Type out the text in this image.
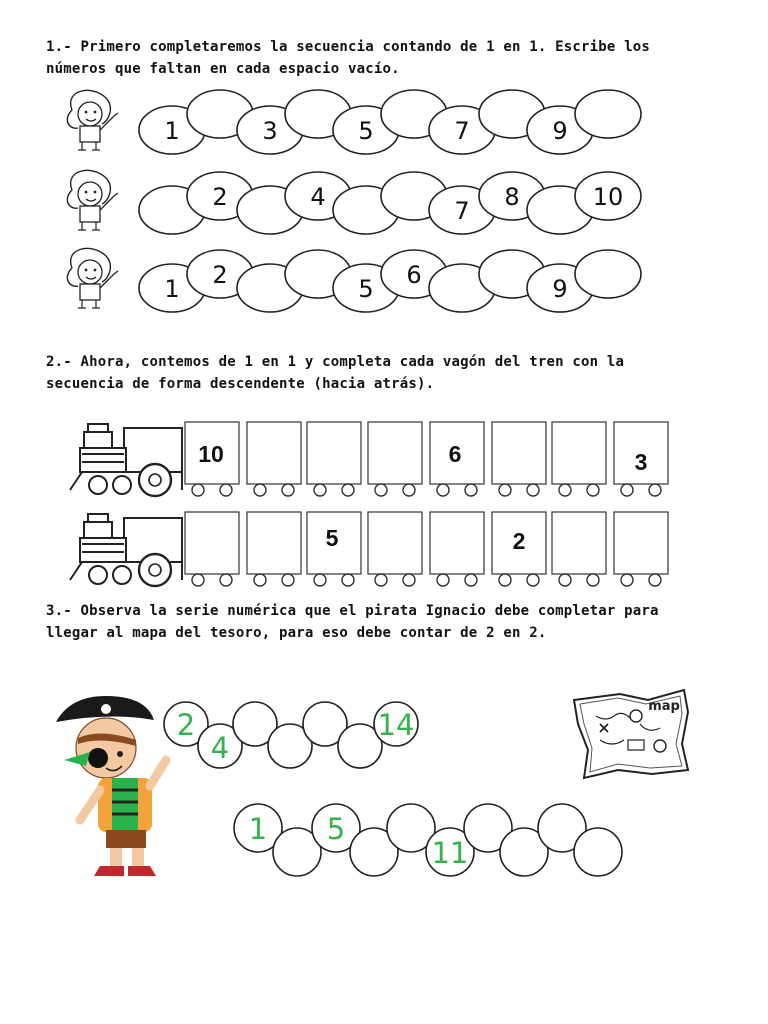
1.- Primero completaremos la secuencia contando de 1 en 1. Escribe los números que faltan en cada espacio vacío.
1	3	5	7	9
2	4	7 8	10
1 2	5 6	9
10	6	3
5	2
2
4
14
1 5
11
map
2.- Ahora, contemos de 1 en 1 y completa cada vagón del tren con la secuencia de forma descendente (hacia atrás).
3.- Observa la serie numérica que el pirata Ignacio debe completar para llegar al mapa del tesoro, para eso debe contar de 2 en 2.
